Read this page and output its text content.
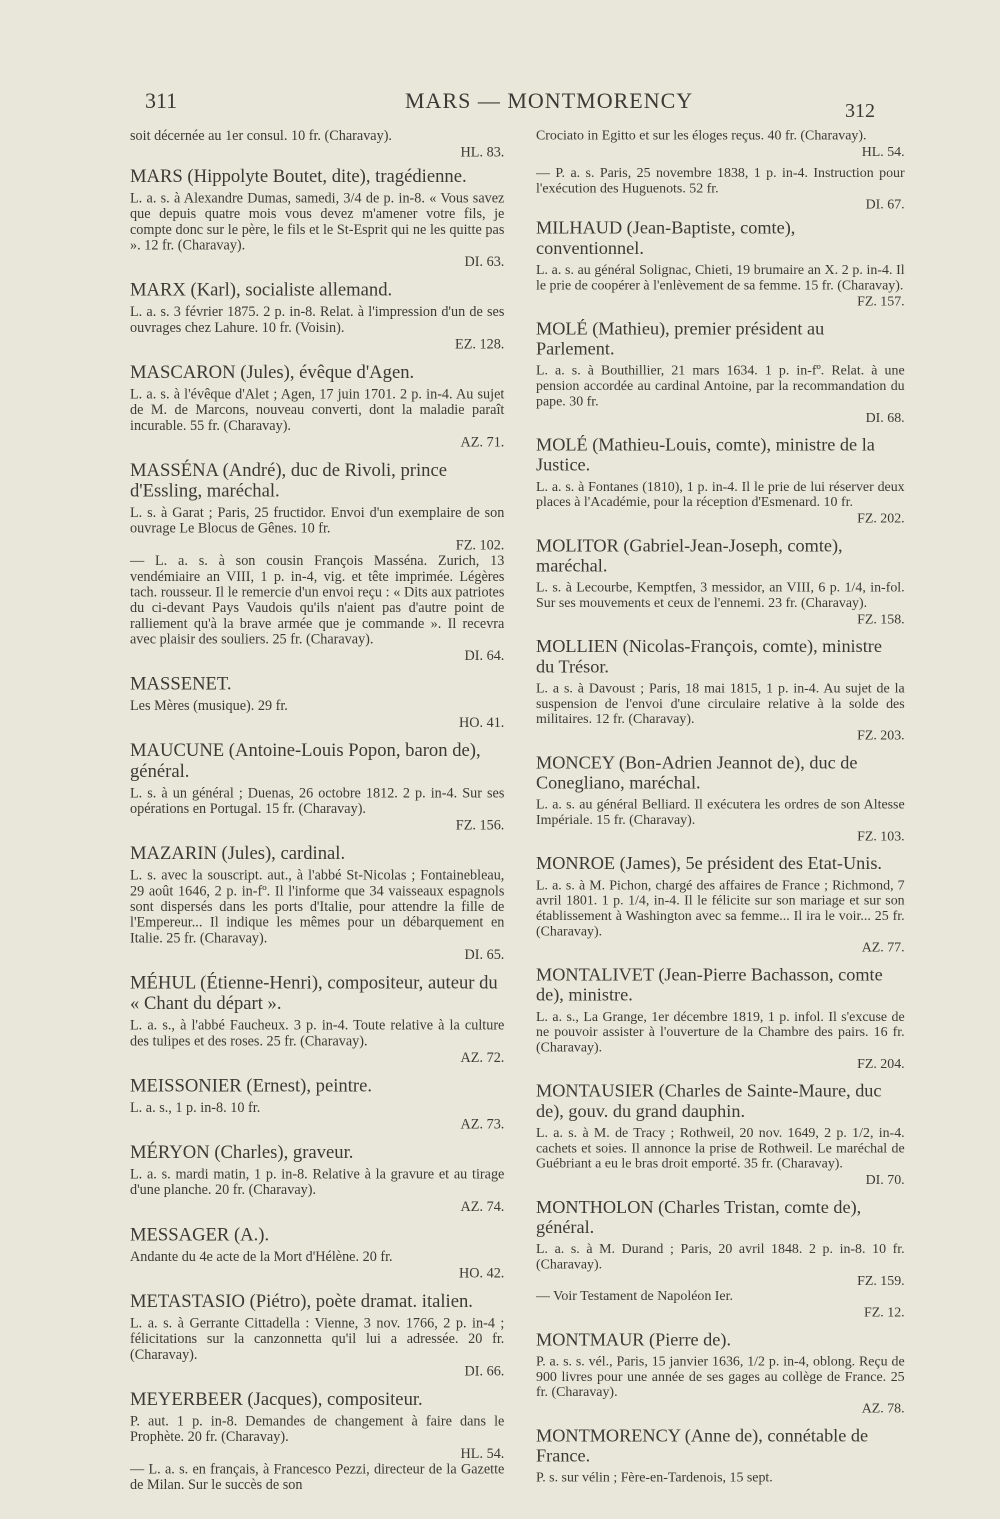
311	MARS — MONTMORENCY	312

soit décernée au 1er consul. 10 fr. (Charavay).
HL. 83.

MARS (Hippolyte Boutet, dite), tragédienne.

L. a. s. à Alexandre Dumas, samedi, 3/4 de p. in-8. « Vous savez que depuis quatre mois vous devez m'amener votre fils, je compte donc sur le père, le fils et le St-Esprit qui ne les quitte pas ». 12 fr. (Charavay).
DI. 63.

MARX (Karl), socialiste allemand.

L. a. s. 3 février 1875. 2 p. in-8. Relat. à l'impression d'un de ses ouvrages chez Lahure. 10 fr. (Voisin).
EZ. 128.

MASCARON (Jules), évêque d'Agen.

L. a. s. à l'évêque d'Alet ; Agen, 17 juin 1701. 2 p. in-4. Au sujet de M. de Marcons, nouveau converti, dont la maladie paraît incurable. 55 fr. (Charavay).
AZ. 71.

MASSÉNA (André), duc de Rivoli, prince d'Essling, maréchal.

L. s. à Garat ; Paris, 25 fructidor. Envoi d'un exemplaire de son ouvrage Le Blocus de Gênes. 10 fr.
FZ. 102.

— L. a. s. à son cousin François Masséna. Zurich, 13 vendémiaire an VIII, 1 p. in-4, vig. et tête imprimée. Légères tach. rousseur. Il le remercie d'un envoi reçu : « Dits aux patriotes du ci-devant Pays Vaudois qu'ils n'aient pas d'autre point de ralliement qu'à la brave armée que je commande ». Il recevra avec plaisir des souliers. 25 fr. (Charavay).
DI. 64.

MASSENET.

Les Mères (musique). 29 fr.
HO. 41.

MAUCUNE (Antoine-Louis Popon, baron de), général.

L. s. à un général ; Duenas, 26 octobre 1812. 2 p. in-4. Sur ses opérations en Portugal. 15 fr. (Charavay).
FZ. 156.

MAZARIN (Jules), cardinal.

L. s. avec la souscript. aut., à l'abbé St-Nicolas ; Fontainebleau, 29 août 1646, 2 p. in-fº. Il l'informe que 34 vaisseaux espagnols sont dispersés dans les ports d'Italie, pour attendre la fille de l'Empereur... Il indique les mêmes pour un débarquement en Italie. 25 fr. (Charavay).
DI. 65.

MÉHUL (Étienne-Henri), compositeur, auteur du « Chant du départ ».

L. a. s., à l'abbé Faucheux. 3 p. in-4. Toute relative à la culture des tulipes et des roses. 25 fr. (Charavay).
AZ. 72.

MEISSONIER (Ernest), peintre.

L. a. s., 1 p. in-8. 10 fr.
AZ. 73.

MÉRYON (Charles), graveur.

L. a. s. mardi matin, 1 p. in-8. Relative à la gravure et au tirage d'une planche. 20 fr. (Charavay).
AZ. 74.

MESSAGER (A.).

Andante du 4e acte de la Mort d'Hélène. 20 fr.
HO. 42.

METASTASIO (Piétro), poète dramat. italien.

L. a. s. à Gerrante Cittadella : Vienne, 3 nov. 1766, 2 p. in-4 ; félicitations sur la canzonnetta qu'il lui a adressée. 20 fr. (Charavay).
DI. 66.

MEYERBEER (Jacques), compositeur.

P. aut. 1 p. in-8. Demandes de changement à faire dans le Prophète. 20 fr. (Charavay).
HL. 54.

— L. a. s. en français, à Francesco Pezzi, directeur de la Gazette de Milan. Sur le succès de son

Crociato in Egitto et sur les éloges reçus. 40 fr. (Charavay).
HL. 54.

— P. a. s. Paris, 25 novembre 1838, 1 p. in-4. Instruction pour l'exécution des Huguenots. 52 fr.
DI. 67.

MILHAUD (Jean-Baptiste, comte), conventionnel.

L. a. s. au général Solignac, Chieti, 19 brumaire an X. 2 p. in-4. Il le prie de coopérer à l'enlèvement de sa femme. 15 fr. (Charavay).
FZ. 157.

MOLÉ (Mathieu), premier président au Parlement.

L. a. s. à Bouthillier, 21 mars 1634. 1 p. in-fº. Relat. à une pension accordée au cardinal Antoine, par la recommandation du pape. 30 fr.
DI. 68.

MOLÉ (Mathieu-Louis, comte), ministre de la Justice.

L. a. s. à Fontanes (1810), 1 p. in-4. Il le prie de lui réserver deux places à l'Académie, pour la réception d'Esmenard. 10 fr.
FZ. 202.

MOLITOR (Gabriel-Jean-Joseph, comte), maréchal.

L. s. à Lecourbe, Kemptfen, 3 messidor, an VIII, 6 p. 1/4, in-fol. Sur ses mouvements et ceux de l'ennemi. 23 fr. (Charavay).
FZ. 158.

MOLLIEN (Nicolas-François, comte), ministre du Trésor.

L. a s. à Davoust ; Paris, 18 mai 1815, 1 p. in-4. Au sujet de la suspension de l'envoi d'une circulaire relative à la solde des militaires. 12 fr. (Charavay).
FZ. 203.

MONCEY (Bon-Adrien Jeannot de), duc de Conegliano, maréchal.

L. a. s. au général Belliard. Il exécutera les ordres de son Altesse Impériale. 15 fr. (Charavay).
FZ. 103.

MONROE (James), 5e président des Etat-Unis.

L. a. s. à M. Pichon, chargé des affaires de France ; Richmond, 7 avril 1801. 1 p. 1/4, in-4. Il le félicite sur son mariage et sur son établissement à Washington avec sa femme... Il ira le voir... 25 fr. (Charavay).
AZ. 77.

MONTALIVET (Jean-Pierre Bachasson, comte de), ministre.

L. a. s., La Grange, 1er décembre 1819, 1 p. infol. Il s'excuse de ne pouvoir assister à l'ouverture de la Chambre des pairs. 16 fr. (Charavay).
FZ. 204.

MONTAUSIER (Charles de Sainte-Maure, duc de), gouv. du grand dauphin.

L. a. s. à M. de Tracy ; Rothweil, 20 nov. 1649, 2 p. 1/2, in-4. cachets et soies. Il annonce la prise de Rothweil. Le maréchal de Guébriant a eu le bras droit emporté. 35 fr. (Charavay).
DI. 70.

MONTHOLON (Charles Tristan, comte de), général.

L. a. s. à M. Durand ; Paris, 20 avril 1848. 2 p. in-8. 10 fr. (Charavay).
FZ. 159.

— Voir Testament de Napoléon Ier.
FZ. 12.

MONTMAUR (Pierre de).

P. a. s. s. vél., Paris, 15 janvier 1636, 1/2 p. in-4, oblong. Reçu de 900 livres pour une année de ses gages au collège de France. 25 fr. (Charavay).
AZ. 78.

MONTMORENCY (Anne de), connétable de France.

P. s. sur vélin ; Fère-en-Tardenois, 15 sept.
